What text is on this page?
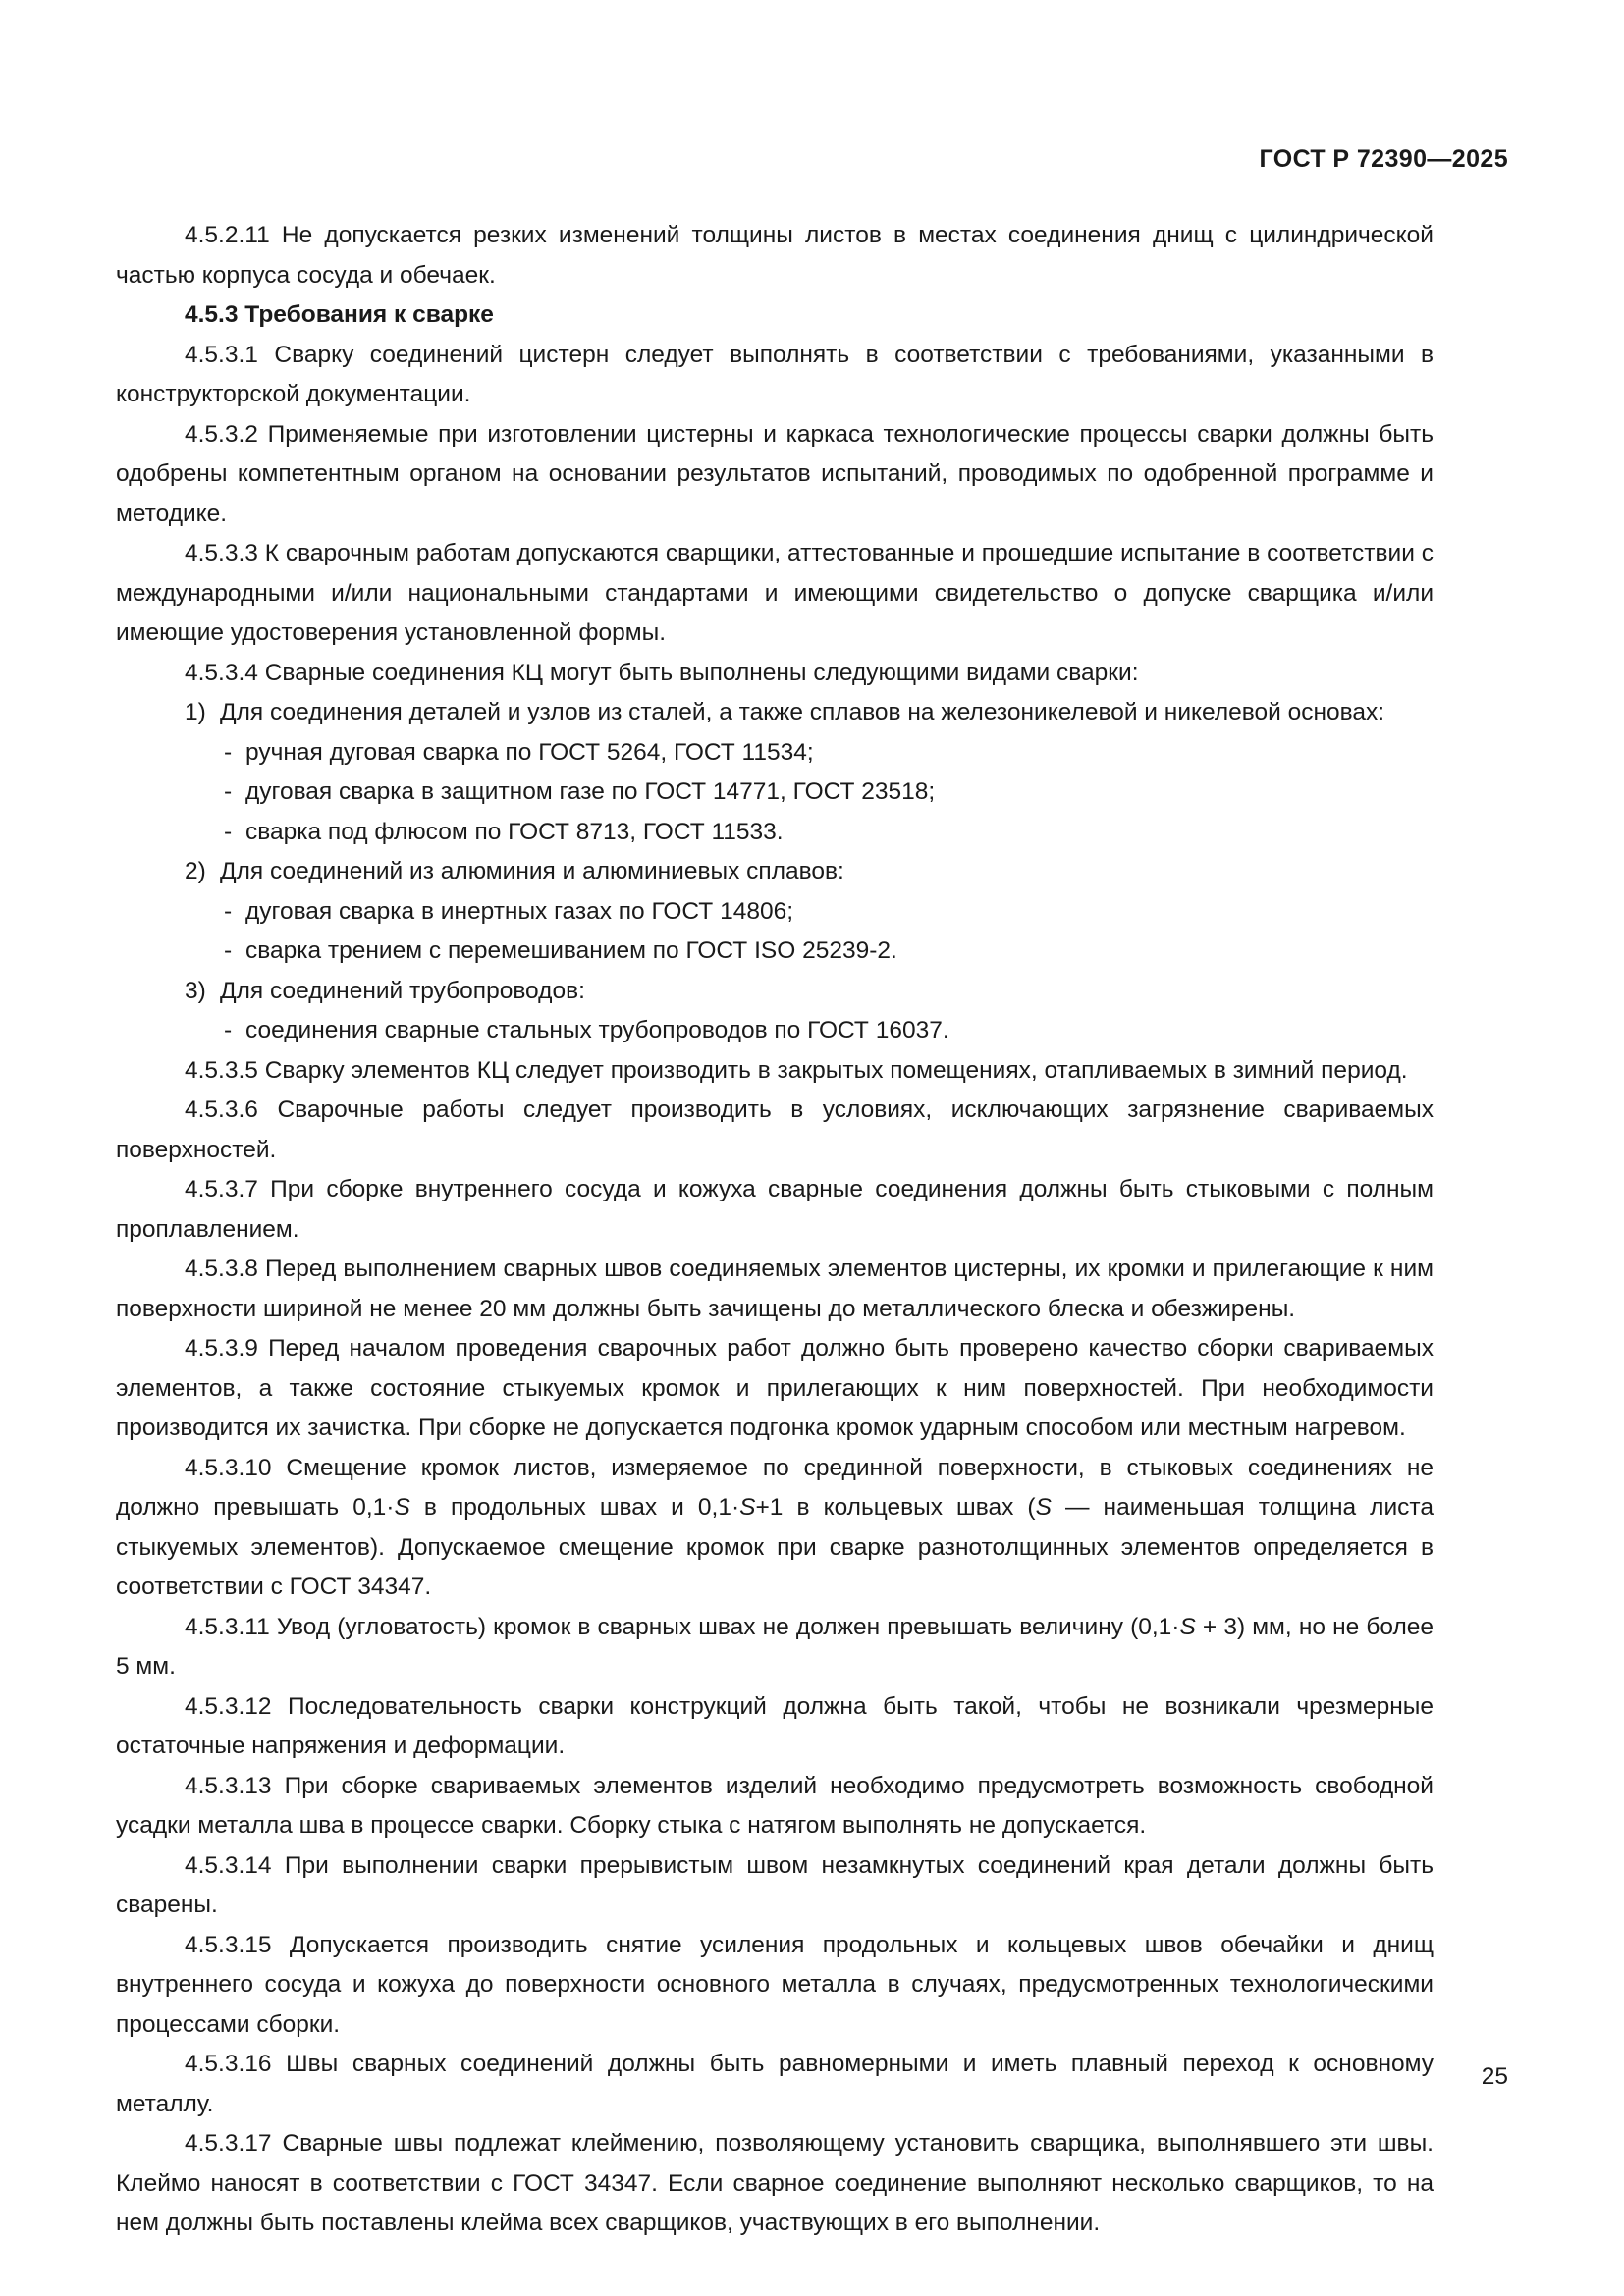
ГОСТ Р 72390—2025

4.5.2.11 Не допускается резких изменений толщины листов в местах соединения днищ с цилиндрической частью корпуса сосуда и обечаек.

4.5.3 Требования к сварке

4.5.3.1 Сварку соединений цистерн следует выполнять в соответствии с требованиями, указанными в конструкторской документации.

4.5.3.2 Применяемые при изготовлении цистерны и каркаса технологические процессы сварки должны быть одобрены компетентным органом на основании результатов испытаний, проводимых по одобренной программе и методике.

4.5.3.3 К сварочным работам допускаются сварщики, аттестованные и прошедшие испытание в соответствии с международными и/или национальными стандартами и имеющими свидетельство о допуске сварщика и/или имеющие удостоверения установленной формы.

4.5.3.4 Сварные соединения КЦ могут быть выполнены следующими видами сварки:

1) Для соединения деталей и узлов из сталей, а также сплавов на железоникелевой и никелевой основах:

- ручная дуговая сварка по ГОСТ 5264, ГОСТ 11534;

- дуговая сварка в защитном газе по ГОСТ 14771, ГОСТ 23518;

- сварка под флюсом по ГОСТ 8713, ГОСТ 11533.

2) Для соединений из алюминия и алюминиевых сплавов:

- дуговая сварка в инертных газах по ГОСТ 14806;

- сварка трением с перемешиванием по ГОСТ ISO 25239-2.

3) Для соединений трубопроводов:

- соединения сварные стальных трубопроводов по ГОСТ 16037.

4.5.3.5 Сварку элементов КЦ следует производить в закрытых помещениях, отапливаемых в зимний период.

4.5.3.6 Сварочные работы следует производить в условиях, исключающих загрязнение свариваемых поверхностей.

4.5.3.7 При сборке внутреннего сосуда и кожуха сварные соединения должны быть стыковыми с полным проплавлением.

4.5.3.8 Перед выполнением сварных швов соединяемых элементов цистерны, их кромки и прилегающие к ним поверхности шириной не менее 20 мм должны быть зачищены до металлического блеска и обезжирены.

4.5.3.9 Перед началом проведения сварочных работ должно быть проверено качество сборки свариваемых элементов, а также состояние стыкуемых кромок и прилегающих к ним поверхностей. При необходимости производится их зачистка. При сборке не допускается подгонка кромок ударным способом или местным нагревом.

4.5.3.10 Смещение кромок листов, измеряемое по срединной поверхности, в стыковых соединениях не должно превышать 0,1·S в продольных швах и 0,1·S+1 в кольцевых швах (S — наименьшая толщина листа стыкуемых элементов). Допускаемое смещение кромок при сварке разнотолщинных элементов определяется в соответствии с ГОСТ 34347.

4.5.3.11 Увод (угловатость) кромок в сварных швах не должен превышать величину (0,1·S + 3) мм, но не более 5 мм.

4.5.3.12 Последовательность сварки конструкций должна быть такой, чтобы не возникали чрезмерные остаточные напряжения и деформации.

4.5.3.13 При сборке свариваемых элементов изделий необходимо предусмотреть возможность свободной усадки металла шва в процессе сварки. Сборку стыка с натягом выполнять не допускается.

4.5.3.14 При выполнении сварки прерывистым швом незамкнутых соединений края детали должны быть сварены.

4.5.3.15 Допускается производить снятие усиления продольных и кольцевых швов обечайки и днищ внутреннего сосуда и кожуха до поверхности основного металла в случаях, предусмотренных технологическими процессами сборки.

4.5.3.16 Швы сварных соединений должны быть равномерными и иметь плавный переход к основному металлу.

4.5.3.17 Сварные швы подлежат клеймению, позволяющему установить сварщика, выполнявшего эти швы. Клеймо наносят в соответствии с ГОСТ 34347. Если сварное соединение выполняют несколько сварщиков, то на нем должны быть поставлены клейма всех сварщиков, участвующих в его выполнении.

25
